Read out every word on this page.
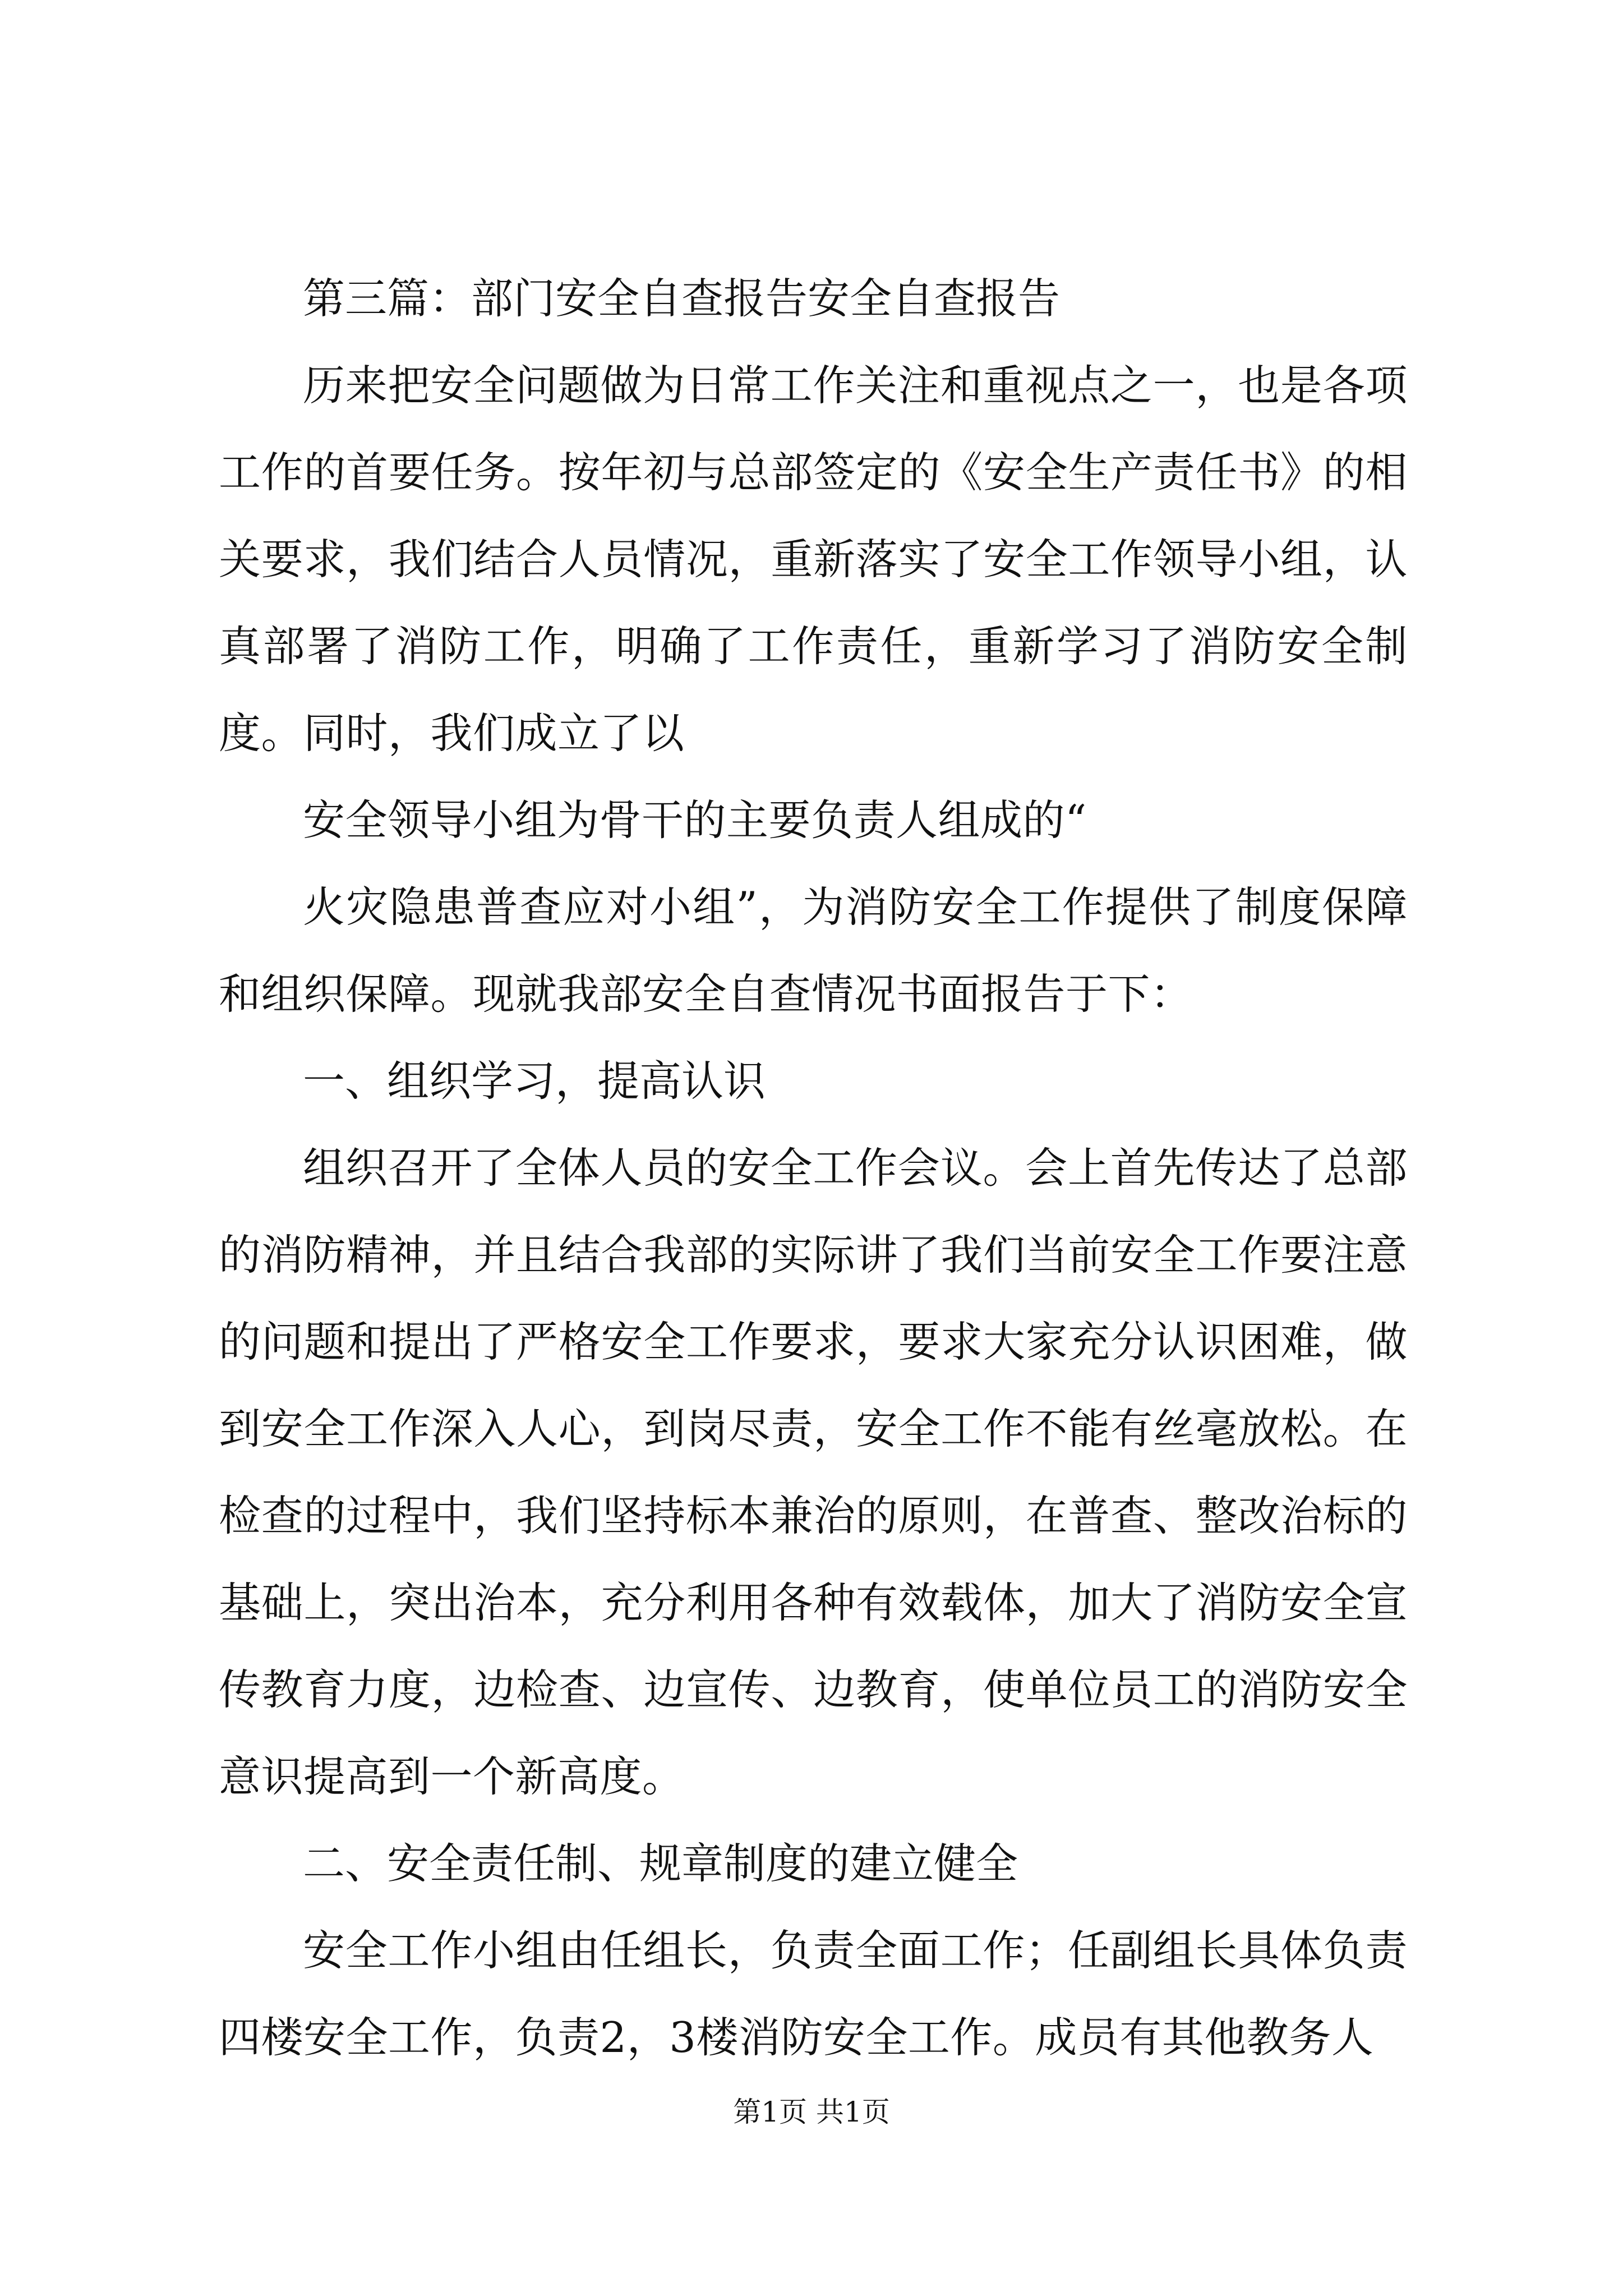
第三篇：部门安全自查报告安全自查报告

历来把安全问题做为日常工作关注和重视点之一，也是各项工作的首要任务。按年初与总部签定的《安全生产责任书》的相关要求，我们结合人员情况，重新落实了安全工作领导小组，认真部署了消防工作，明确了工作责任，重新学习了消防安全制度。同时，我们成立了以

安全领导小组为骨干的主要负责人组成的“

火灾隐患普查应对小组”，为消防安全工作提供了制度保障和组织保障。现就我部安全自查情况书面报告于下：

一、组织学习，提高认识

组织召开了全体人员的安全工作会议。会上首先传达了总部的消防精神，并且结合我部的实际讲了我们当前安全工作要注意的问题和提出了严格安全工作要求，要求大家充分认识困难，做到安全工作深入人心，到岗尽责，安全工作不能有丝毫放松。在检查的过程中，我们坚持标本兼治的原则，在普查、整改治标的基础上，突出治本，充分利用各种有效载体，加大了消防安全宣传教育力度，边检查、边宣传、边教育，使单位员工的消防安全意识提高到一个新高度。

二、安全责任制、规章制度的建立健全

安全工作小组由任组长，负责全面工作；任副组长具体负责四楼安全工作，负责2，3楼消防安全工作。成员有其他教务人

第1页 共1页
